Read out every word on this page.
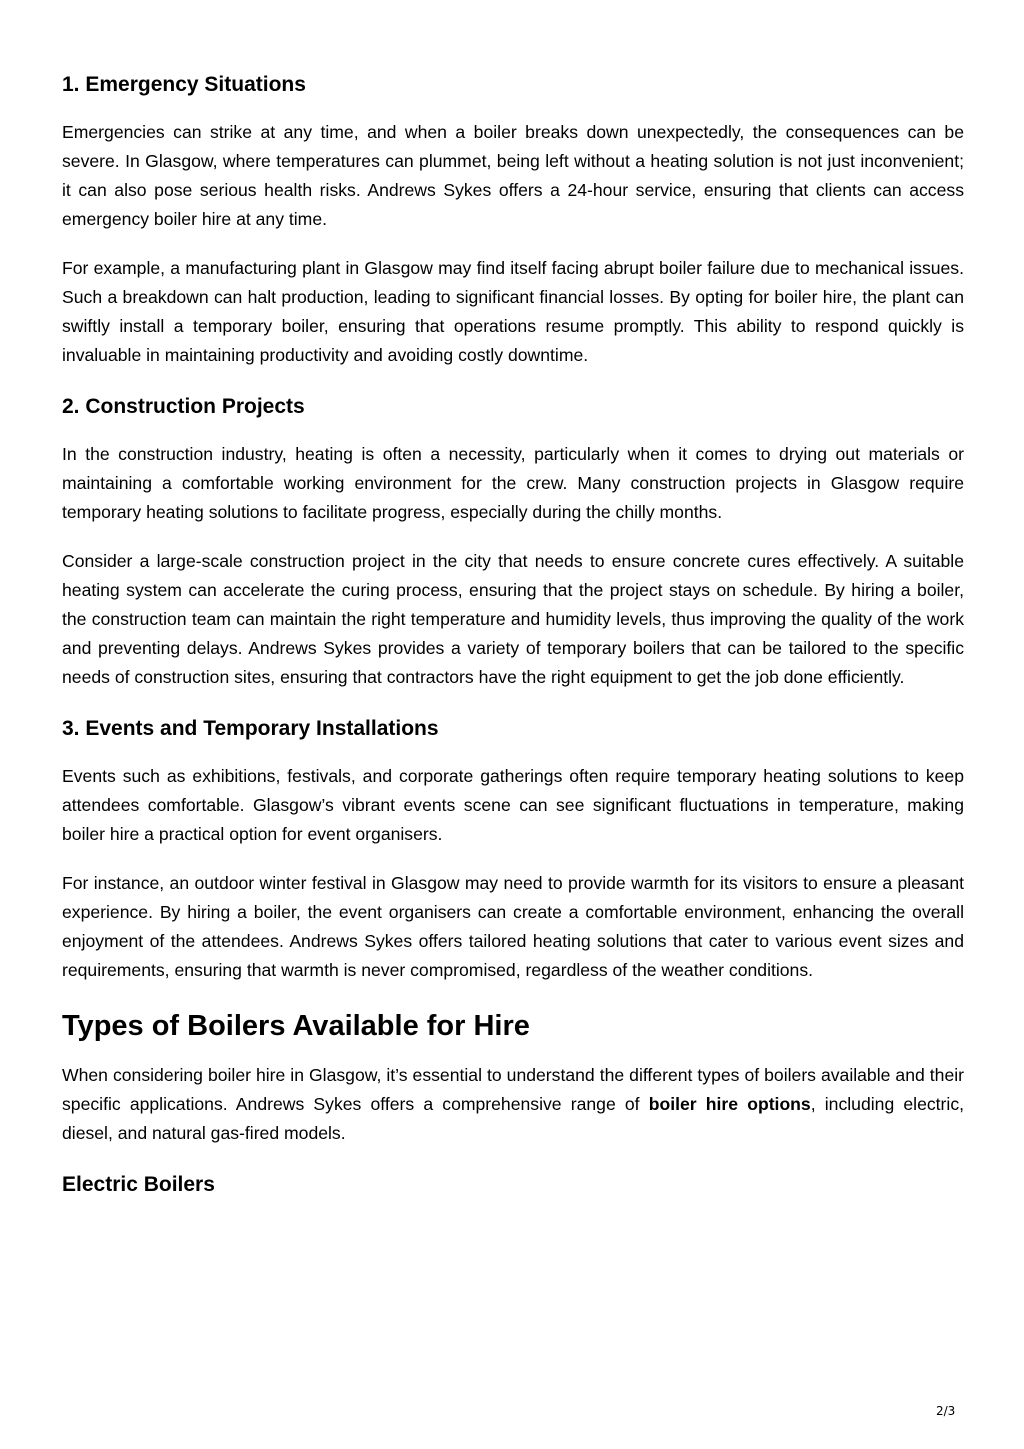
1. Emergency Situations

Emergencies can strike at any time, and when a boiler breaks down unexpectedly, the consequences can be severe. In Glasgow, where temperatures can plummet, being left without a heating solution is not just inconvenient; it can also pose serious health risks. Andrews Sykes offers a 24-hour service, ensuring that clients can access emergency boiler hire at any time.

For example, a manufacturing plant in Glasgow may find itself facing abrupt boiler failure due to mechanical issues. Such a breakdown can halt production, leading to significant financial losses. By opting for boiler hire, the plant can swiftly install a temporary boiler, ensuring that operations resume promptly. This ability to respond quickly is invaluable in maintaining productivity and avoiding costly downtime.

2. Construction Projects

In the construction industry, heating is often a necessity, particularly when it comes to drying out materials or maintaining a comfortable working environment for the crew. Many construction projects in Glasgow require temporary heating solutions to facilitate progress, especially during the chilly months.

Consider a large-scale construction project in the city that needs to ensure concrete cures effectively. A suitable heating system can accelerate the curing process, ensuring that the project stays on schedule. By hiring a boiler, the construction team can maintain the right temperature and humidity levels, thus improving the quality of the work and preventing delays. Andrews Sykes provides a variety of temporary boilers that can be tailored to the specific needs of construction sites, ensuring that contractors have the right equipment to get the job done efficiently.

3. Events and Temporary Installations

Events such as exhibitions, festivals, and corporate gatherings often require temporary heating solutions to keep attendees comfortable. Glasgow’s vibrant events scene can see significant fluctuations in temperature, making boiler hire a practical option for event organisers.

For instance, an outdoor winter festival in Glasgow may need to provide warmth for its visitors to ensure a pleasant experience. By hiring a boiler, the event organisers can create a comfortable environment, enhancing the overall enjoyment of the attendees. Andrews Sykes offers tailored heating solutions that cater to various event sizes and requirements, ensuring that warmth is never compromised, regardless of the weather conditions.

Types of Boilers Available for Hire

When considering boiler hire in Glasgow, it’s essential to understand the different types of boilers available and their specific applications. Andrews Sykes offers a comprehensive range of boiler hire options, including electric, diesel, and natural gas-fired models.

Electric Boilers
2/3
